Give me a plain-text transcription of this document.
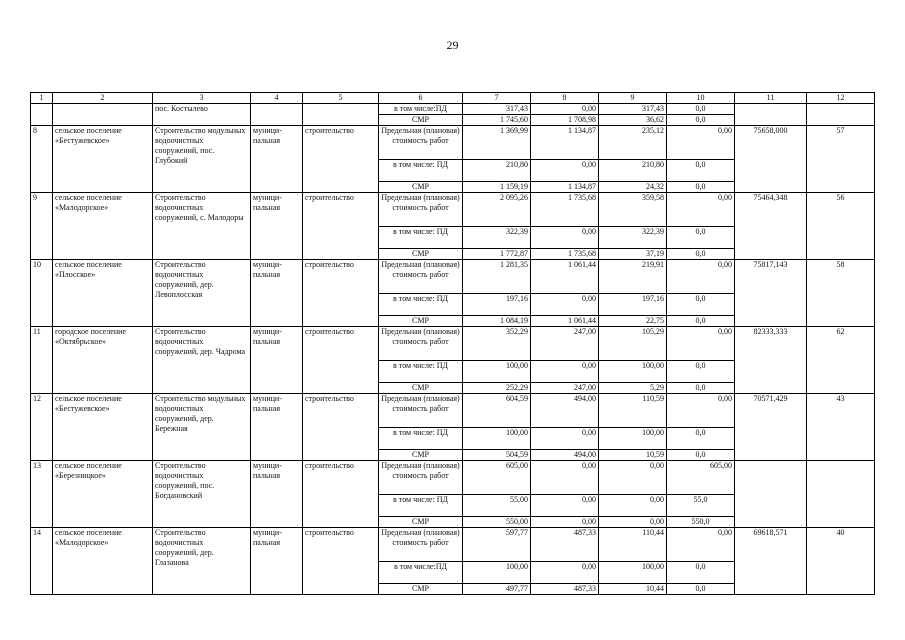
29
1	2	3	4	5	6	7	8	9	10	11	12
		пос. Костылево			в том числе:ПД	317,43	0,00	317,43	0,0		
					СМР	1 745,60	1 708,98	36,62	0,0		
8	сельское поселение «Бестужевское»	Строительство модульных водоочистных сооружений, пос. Глубокий	муници- пальная	строительство	Предельная (плановая) стоимость работ	1 369,99	1 134,87	235,12	0,00	75658,000	57
					в том числе: ПД	210,80	0,00	210,80	0,0		
					СМР	1 159,19	1 134,87	24,32	0,0		
9	сельское поселение «Малодорское»	Строительство водоочистных сооружений, с. Малодоры	муници- пальная	строительство	Предельная (плановая) стоимость работ	2 095,26	1 735,68	359,58	0,00	75464,348	56
					в том числе: ПД	322,39	0,00	322,39	0,0		
					СМР	1 772,87	1 735,68	37,19	0,0		
10	сельское поселение «Плосское»	Строительство водоочистных сооружений, дер. Левоплосская	муници- пальная	строительство	Предельная (плановая) стоимость работ	1 281,35	1 061,44	219,91	0,00	75817,143	58
					в том числе: ПД	197,16	0,00	197,16	0,0		
					СМР	1 084,19	1 061,44	22,75	0,0		
11	городское поселение «Октябрьское»	Строительство водоочистных сооружений, дер. Чадрома	муници- пальная	строительство	Предельная (плановая) стоимость работ	352,29	247,00	105,29	0,00	82333,333	62
					в том числе: ПД	100,00	0,00	100,00	0,0		
					СМР	252,29	247,00	5,29	0,0		
12	сельское поселение «Бестужевское»	Строительство модульных водоочистных сооружений, дер. Бережная	муници- пальная	строительство	Предельная (плановая) стоимость работ	604,59	494,00	110,59	0,00	70571,429	43
					в том числе: ПД	100,00	0,00	100,00	0,0		
					СМР	504,59	494,00	10,59	0,0		
13	сельское поселение «Березницкое»	Строительство водоочистных сооружений, пос. Богдановский	муници- пальная	строительство	Предельная (плановая) стоимость работ	605,00	0,00	0,00	605,00		
					в том числе: ПД	55,00	0,00	0,00	55,0		
					СМР	550,00	0,00	0,00	550,0		
14	сельское поселение «Малодорское»	Строительство водоочистных сооружений, дер. Глазанова	муници- пальная	строительство	Предельная (плановая) стоимость работ	597,77	487,33	110,44	0,00	69618,571	40
					в том числе:ПД	100,00	0,00	100,00	0,0		
					СМР	497,77	487,33	10,44	0,0		
